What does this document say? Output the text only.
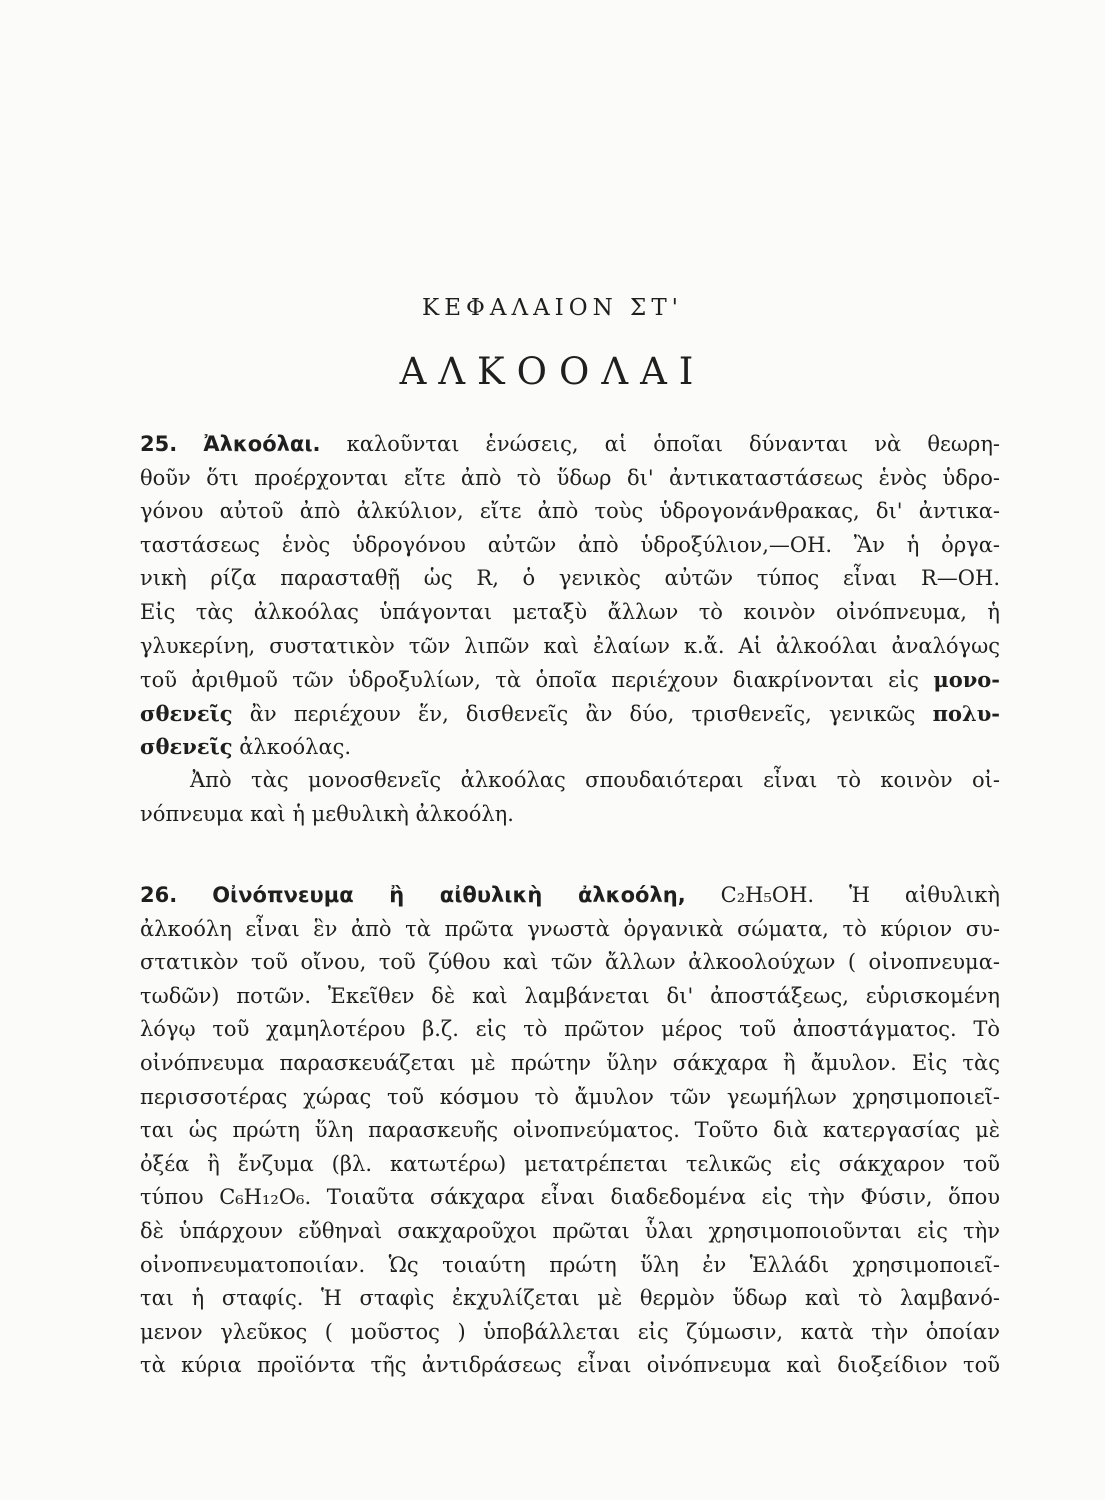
ΚΕΦΑΛΑΙΟΝ ΣΤ'
ΑΛΚΟΟΛΑΙ
25. Ἀλκοόλαι. καλοῦνται ἑνώσεις, αἱ ὁποῖαι δύνανται νὰ θεωρη-
θοῦν ὅτι προέρχονται εἴτε ἀπὸ τὸ ὕδωρ δι' ἀντικαταστάσεως ἑνὸς ὑδρο-
γόνου αὐτοῦ ἀπὸ ἀλκύλιον, εἴτε ἀπὸ τοὺς ὑδρογονάνθρακας, δι' ἀντικα-
ταστάσεως ἑνὸς ὑδρογόνου αὐτῶν ἀπὸ ὑδροξύλιον,—OH. Ἂν ἡ ὀργα-
νικὴ ρίζα παρασταθῇ ὡς R, ὁ γενικὸς αὐτῶν τύπος εἶναι R—OH.
Εἰς τὰς ἀλκοόλας ὑπάγονται μεταξὺ ἄλλων τὸ κοινὸν οἰνόπνευμα, ἡ
γλυκερίνη, συστατικὸν τῶν λιπῶν καὶ ἐλαίων κ.ἄ. Αἱ ἀλκοόλαι ἀναλόγως
τοῦ ἀριθμοῦ τῶν ὑδροξυλίων, τὰ ὁποῖα περιέχουν διακρίνονται εἰς μονο-
σθενεῖς ἂν περιέχουν ἕν, δισθενεῖς ἂν δύο, τρισθενεῖς, γενικῶς πολυ-
σθενεῖς ἀλκοόλας.
Ἀπὸ τὰς μονοσθενεῖς ἀλκοόλας σπουδαιότεραι εἶναι τὸ κοινὸν οἰ-
νόπνευμα καὶ ἡ μεθυλικὴ ἀλκοόλη.
26. Οἰνόπνευμα ἢ αἰθυλικὴ ἀλκοόλη, C₂H₅OH. Ἡ αἰθυλικὴ
ἀλκοόλη εἶναι ἓν ἀπὸ τὰ πρῶτα γνωστὰ ὀργανικὰ σώματα, τὸ κύριον συ-
στατικὸν τοῦ οἴνου, τοῦ ζύθου καὶ τῶν ἄλλων ἀλκοολούχων ( οἰνοπνευμα-
τωδῶν) ποτῶν. Ἐκεῖθεν δὲ καὶ λαμβάνεται δι' ἀποστάξεως, εὑρισκομένη
λόγῳ τοῦ χαμηλοτέρου β.ζ. εἰς τὸ πρῶτον μέρος τοῦ ἀποστάγματος. Τὸ
οἰνόπνευμα παρασκευάζεται μὲ πρώτην ὕλην σάκχαρα ἢ ἄμυλον. Εἰς τὰς
περισσοτέρας χώρας τοῦ κόσμου τὸ ἄμυλον τῶν γεωμήλων χρησιμοποιεῖ-
ται ὡς πρώτη ὕλη παρασκευῆς οἰνοπνεύματος. Τοῦτο διὰ κατεργασίας μὲ
ὀξέα ἢ ἔνζυμα (βλ. κατωτέρω) μετατρέπεται τελικῶς εἰς σάκχαρον τοῦ
τύπου C₆H₁₂O₆. Τοιαῦτα σάκχαρα εἶναι διαδεδομένα εἰς τὴν Φύσιν, ὅπου
δὲ ὑπάρχουν εὔθηναὶ σακχαροῦχοι πρῶται ὗλαι χρησιμοποιοῦνται εἰς τὴν
οἰνοπνευματοποιίαν. Ὡς τοιαύτη πρώτη ὕλη ἐν Ἑλλάδι χρησιμοποιεῖ-
ται ἡ σταφίς. Ἡ σταφὶς ἐκχυλίζεται μὲ θερμὸν ὕδωρ καὶ τὸ λαμβανό-
μενον γλεῦκος ( μοῦστος ) ὑποβάλλεται εἰς ζύμωσιν, κατὰ τὴν ὁποίαν
τὰ κύρια προϊόντα τῆς ἀντιδράσεως εἶναι οἰνόπνευμα καὶ διοξείδιον τοῦ
